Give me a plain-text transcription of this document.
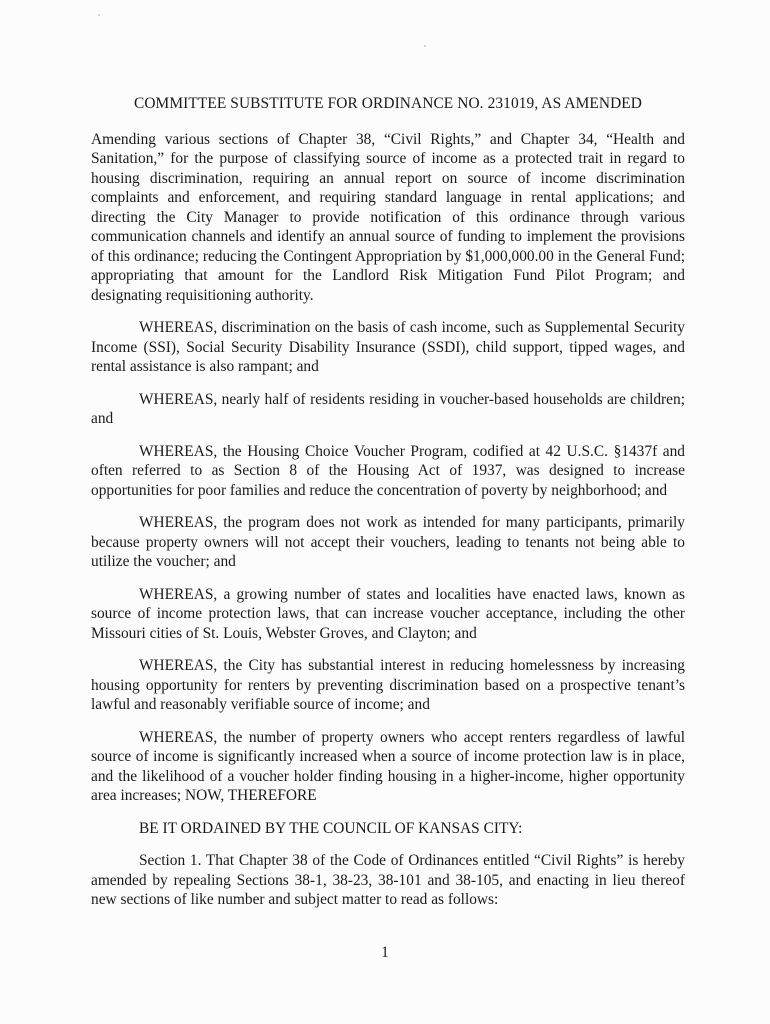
COMMITTEE SUBSTITUTE FOR ORDINANCE NO. 231019, AS AMENDED

Amending various sections of Chapter 38, “Civil Rights,” and Chapter 34, “Health and Sanitation,” for the purpose of classifying source of income as a protected trait in regard to housing discrimination, requiring an annual report on source of income discrimination complaints and enforcement, and requiring standard language in rental applications; and directing the City Manager to provide notification of this ordinance through various communication channels and identify an annual source of funding to implement the provisions of this ordinance; reducing the Contingent Appropriation by $1,000,000.00 in the General Fund; appropriating that amount for the Landlord Risk Mitigation Fund Pilot Program; and designating requisitioning authority.

WHEREAS, discrimination on the basis of cash income, such as Supplemental Security Income (SSI), Social Security Disability Insurance (SSDI), child support, tipped wages, and rental assistance is also rampant; and

WHEREAS, nearly half of residents residing in voucher-based households are children; and

WHEREAS, the Housing Choice Voucher Program, codified at 42 U.S.C. §1437f and often referred to as Section 8 of the Housing Act of 1937, was designed to increase opportunities for poor families and reduce the concentration of poverty by neighborhood; and

WHEREAS, the program does not work as intended for many participants, primarily because property owners will not accept their vouchers, leading to tenants not being able to utilize the voucher; and

WHEREAS, a growing number of states and localities have enacted laws, known as source of income protection laws, that can increase voucher acceptance, including the other Missouri cities of St. Louis, Webster Groves, and Clayton; and

WHEREAS, the City has substantial interest in reducing homelessness by increasing housing opportunity for renters by preventing discrimination based on a prospective tenant’s lawful and reasonably verifiable source of income; and

WHEREAS, the number of property owners who accept renters regardless of lawful source of income is significantly increased when a source of income protection law is in place, and the likelihood of a voucher holder finding housing in a higher-income, higher opportunity area increases; NOW, THEREFORE

BE IT ORDAINED BY THE COUNCIL OF KANSAS CITY:

Section 1. That Chapter 38 of the Code of Ordinances entitled “Civil Rights” is hereby amended by repealing Sections 38-1, 38-23, 38-101 and 38-105, and enacting in lieu thereof new sections of like number and subject matter to read as follows:

1
